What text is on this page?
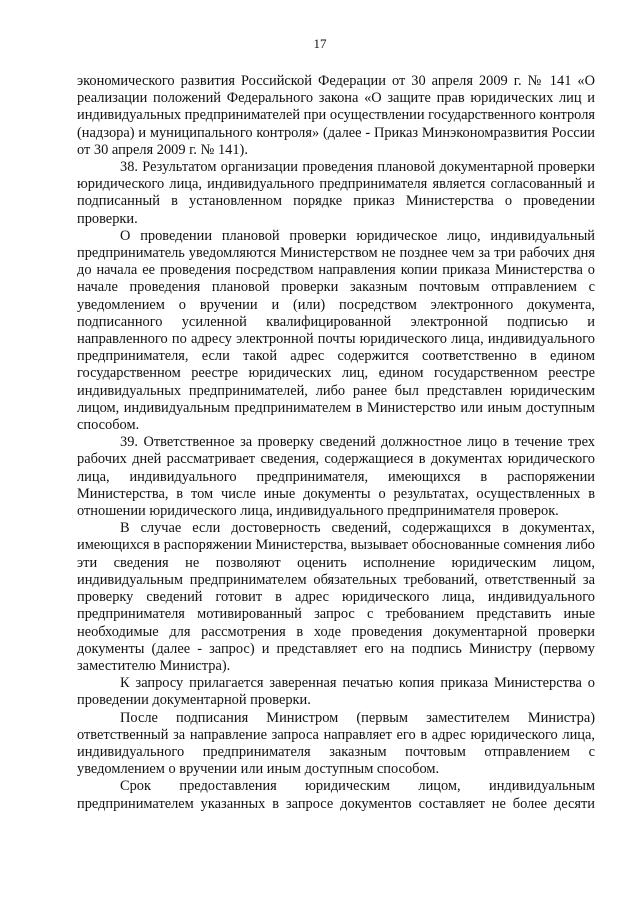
17

экономического развития Российской Федерации от 30 апреля 2009 г. № 141 «О реализации положений Федерального закона «О защите прав юридических лиц и индивидуальных предпринимателей при осуществлении государственного контроля (надзора) и муниципального контроля» (далее - Приказ Минэкономразвития России от 30 апреля 2009 г. № 141).

38. Результатом организации проведения плановой документарной проверки юридического лица, индивидуального предпринимателя является согласованный и подписанный в установленном порядке приказ Министерства о проведении проверки.

О проведении плановой проверки юридическое лицо, индивидуальный предприниматель уведомляются Министерством не позднее чем за три рабочих дня до начала ее проведения посредством направления копии приказа Министерства о начале проведения плановой проверки заказным почтовым отправлением с уведомлением о вручении и (или) посредством электронного документа, подписанного усиленной квалифицированной электронной подписью и направленного по адресу электронной почты юридического лица, индивидуального предпринимателя, если такой адрес содержится соответственно в едином государственном реестре юридических лиц, едином государственном реестре индивидуальных предпринимателей, либо ранее был представлен юридическим лицом, индивидуальным предпринимателем в Министерство или иным доступным способом.

39. Ответственное за проверку сведений должностное лицо в течение трех рабочих дней рассматривает сведения, содержащиеся в документах юридического лица, индивидуального предпринимателя, имеющихся в распоряжении Министерства, в том числе иные документы о результатах, осуществленных в отношении юридического лица, индивидуального предпринимателя проверок.

В случае если достоверность сведений, содержащихся в документах, имеющихся в распоряжении Министерства, вызывает обоснованные сомнения либо эти сведения не позволяют оценить исполнение юридическим лицом, индивидуальным предпринимателем обязательных требований, ответственный за проверку сведений готовит в адрес юридического лица, индивидуального предпринимателя мотивированный запрос с требованием представить иные необходимые для рассмотрения в ходе проведения документарной проверки документы (далее - запрос) и представляет его на подпись Министру (первому заместителю Министра).

К запросу прилагается заверенная печатью копия приказа Министерства о проведении документарной проверки.

После подписания Министром (первым заместителем Министра) ответственный за направление запроса направляет его в адрес юридического лица, индивидуального предпринимателя заказным почтовым отправлением с уведомлением о вручении или иным доступным способом.

Срок предоставления юридическим лицом, индивидуальным предпринимателем указанных в запросе документов составляет не более десяти
